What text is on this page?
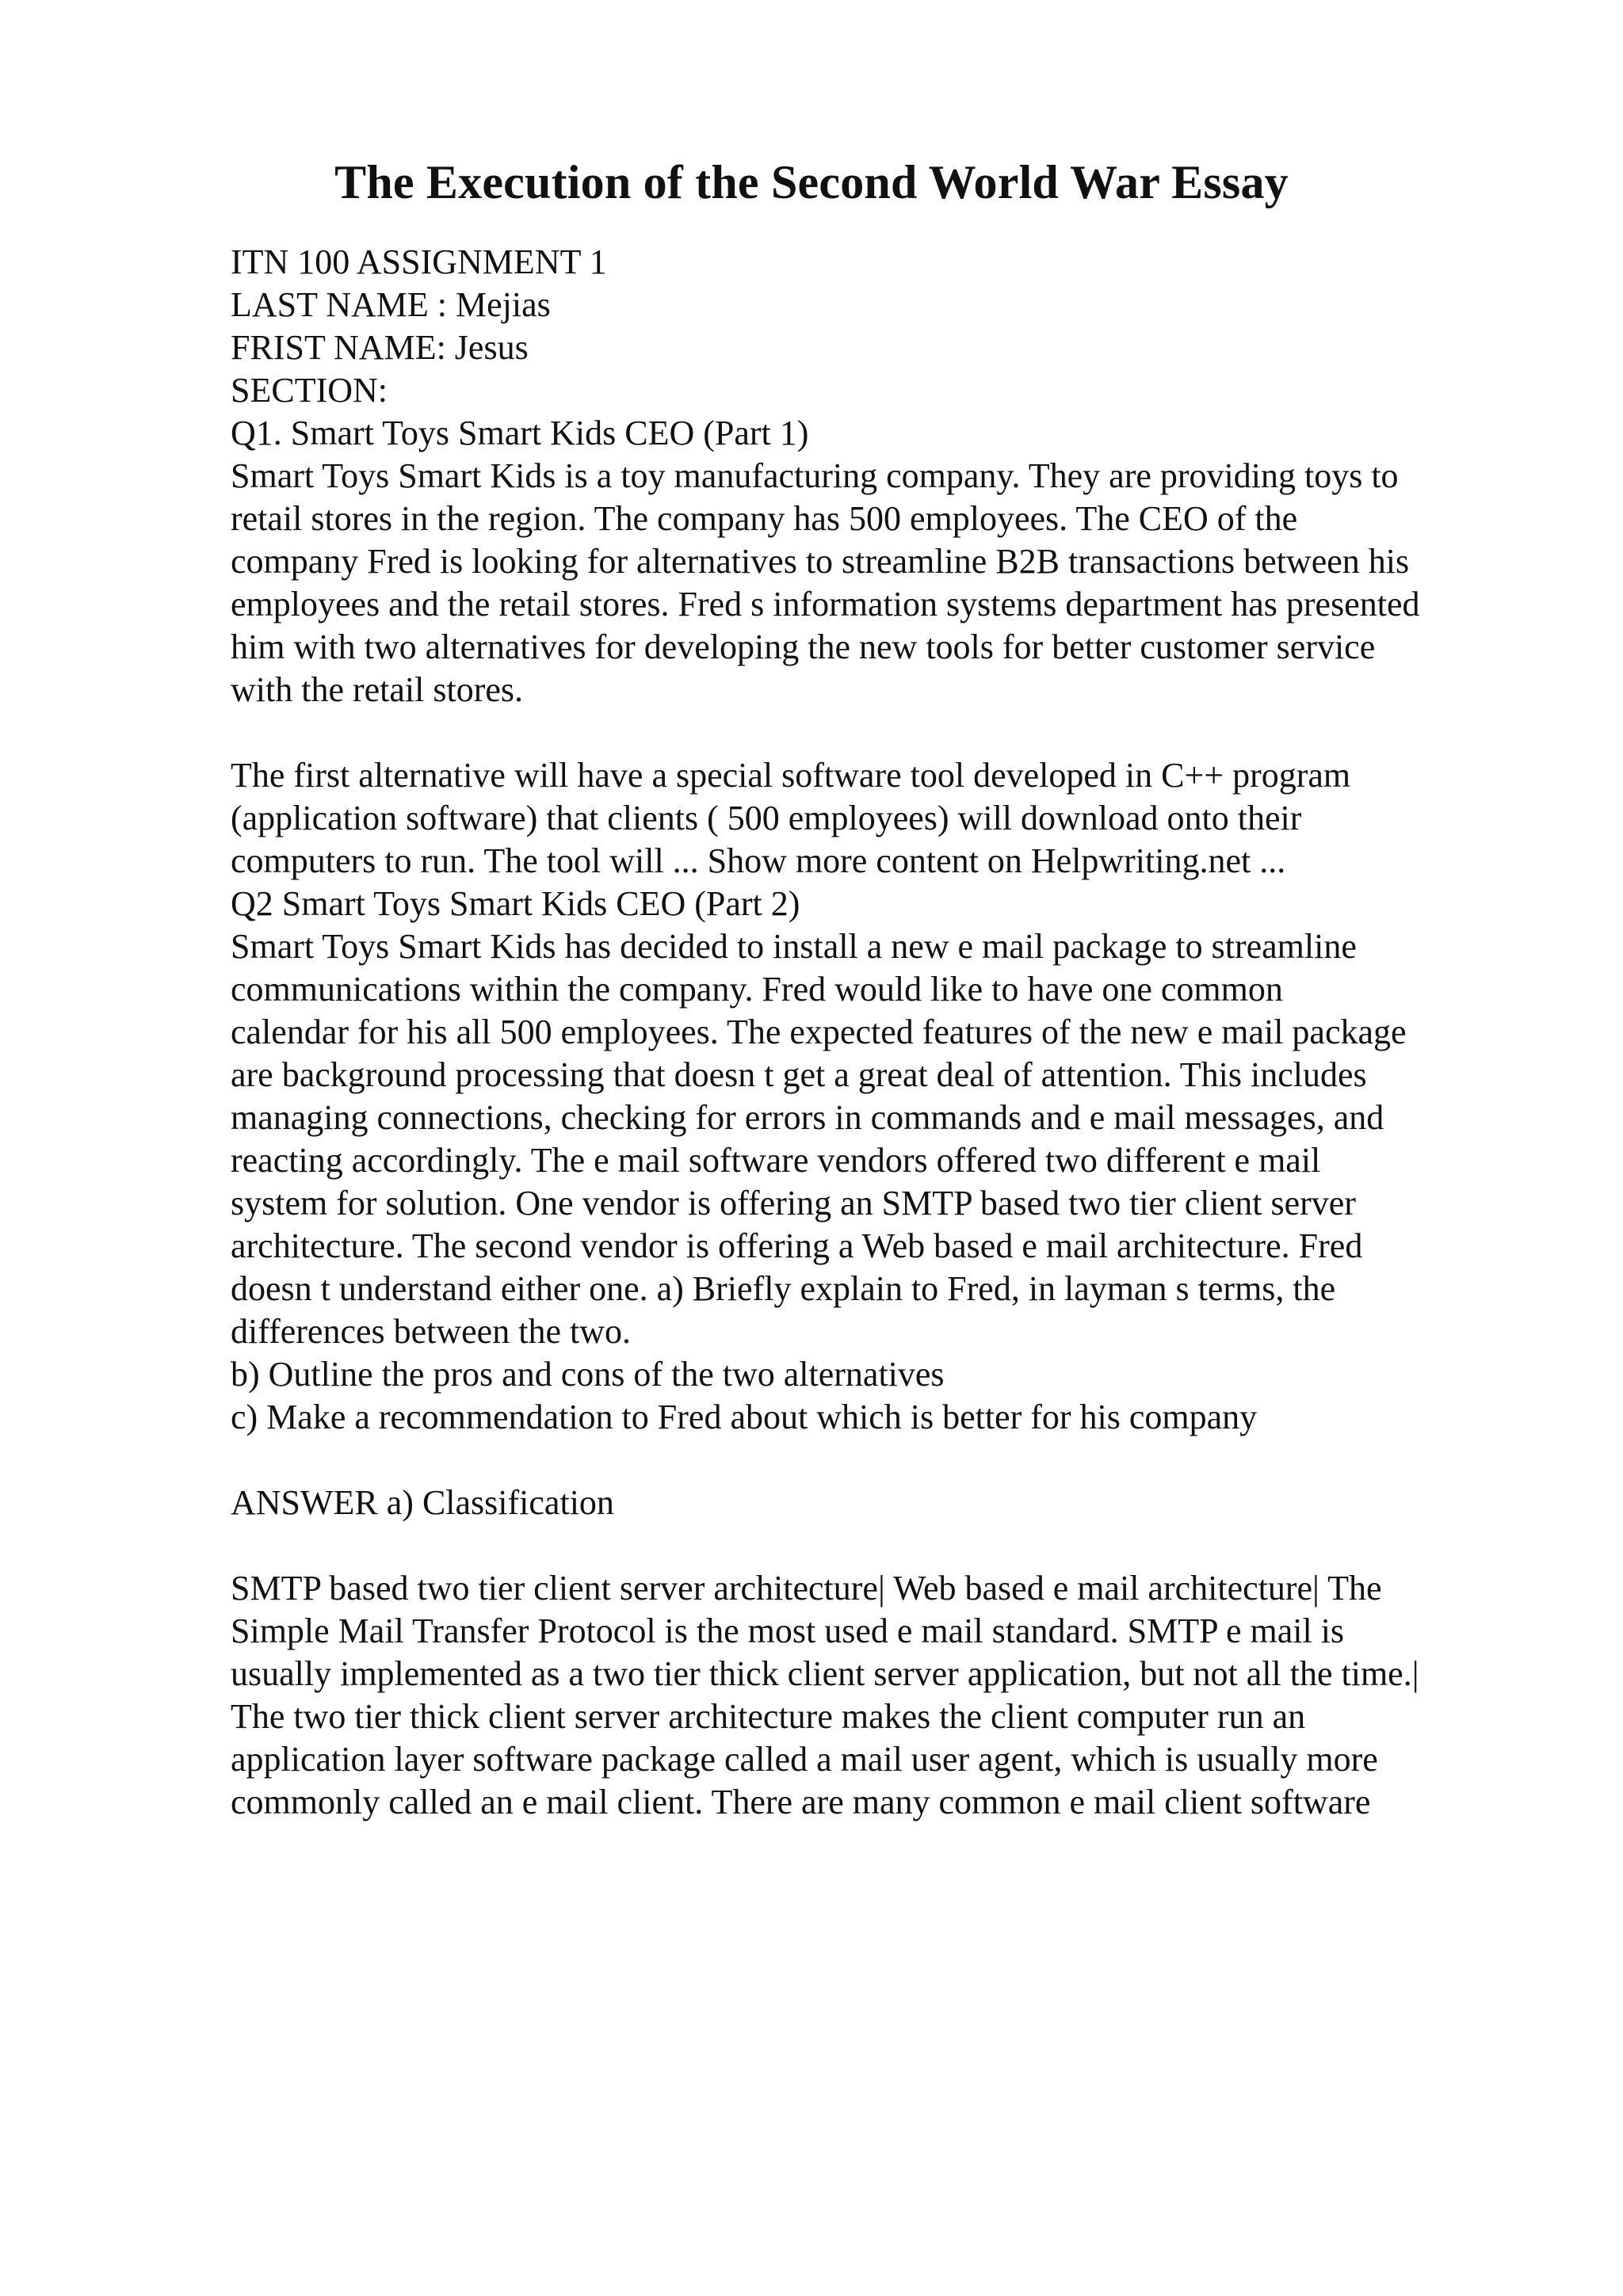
The Execution of the Second World War Essay
ITN 100 ASSIGNMENT 1
LAST NAME : Mejias
FRIST NAME: Jesus
SECTION:
Q1. Smart Toys Smart Kids CEO (Part 1)
Smart Toys Smart Kids is a toy manufacturing company. They are providing toys to
retail stores in the region. The company has 500 employees. The CEO of the
company Fred is looking for alternatives to streamline B2B transactions between his
employees and the retail stores. Fred s information systems department has presented
him with two alternatives for developing the new tools for better customer service
with the retail stores.
The first alternative will have a special software tool developed in C++ program
(application software) that clients ( 500 employees) will download onto their
computers to run. The tool will ... Show more content on Helpwriting.net ...
Q2 Smart Toys Smart Kids CEO (Part 2)
Smart Toys Smart Kids has decided to install a new e mail package to streamline
communications within the company. Fred would like to have one common
calendar for his all 500 employees. The expected features of the new e mail package
are background processing that doesn t get a great deal of attention. This includes
managing connections, checking for errors in commands and e mail messages, and
reacting accordingly. The e mail software vendors offered two different e mail
system for solution. One vendor is offering an SMTP based two tier client server
architecture. The second vendor is offering a Web based e mail architecture. Fred
doesn t understand either one. a) Briefly explain to Fred, in layman s terms, the
differences between the two.
b) Outline the pros and cons of the two alternatives
c) Make a recommendation to Fred about which is better for his company
ANSWER a) Classification
SMTP based two tier client server architecture| Web based e mail architecture| The
Simple Mail Transfer Protocol is the most used e mail standard. SMTP e mail is
usually implemented as a two tier thick client server application, but not all the time.|
The two tier thick client server architecture makes the client computer run an
application layer software package called a mail user agent, which is usually more
commonly called an e mail client. There are many common e mail client software
